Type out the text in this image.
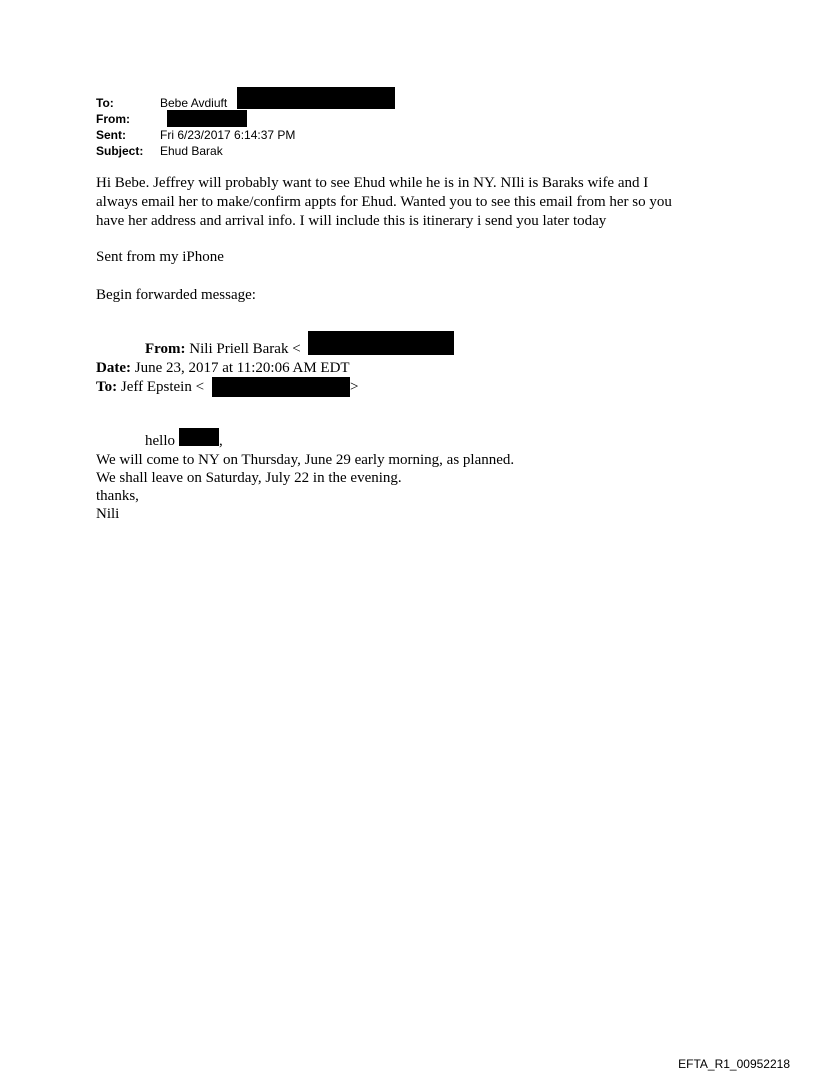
To:	Bebe Avdiuft
From:
Sent:	Fri 6/23/2017 6:14:37 PM
Subject: Ehud Barak
Hi Bebe. Jeffrey will probably want to see Ehud while he is in NY. NIli is Baraks wife and I
always email her to make/confirm appts for Ehud. Wanted you to see this email from her so you
have her address and arrival info. I will include this is itinerary i send you later today
Sent from my iPhone
Begin forwarded message:
From: Nili Priell Barak <
Date: June 23, 2017 at 11:20:06 AM EDT
To: Jeff Epstein <	>
hello	,
We will come to NY on Thursday, June 29 early morning, as planned.
We shall leave on Saturday, July 22 in the evening.
thanks,
Nili
EFTA_R1_00952218
